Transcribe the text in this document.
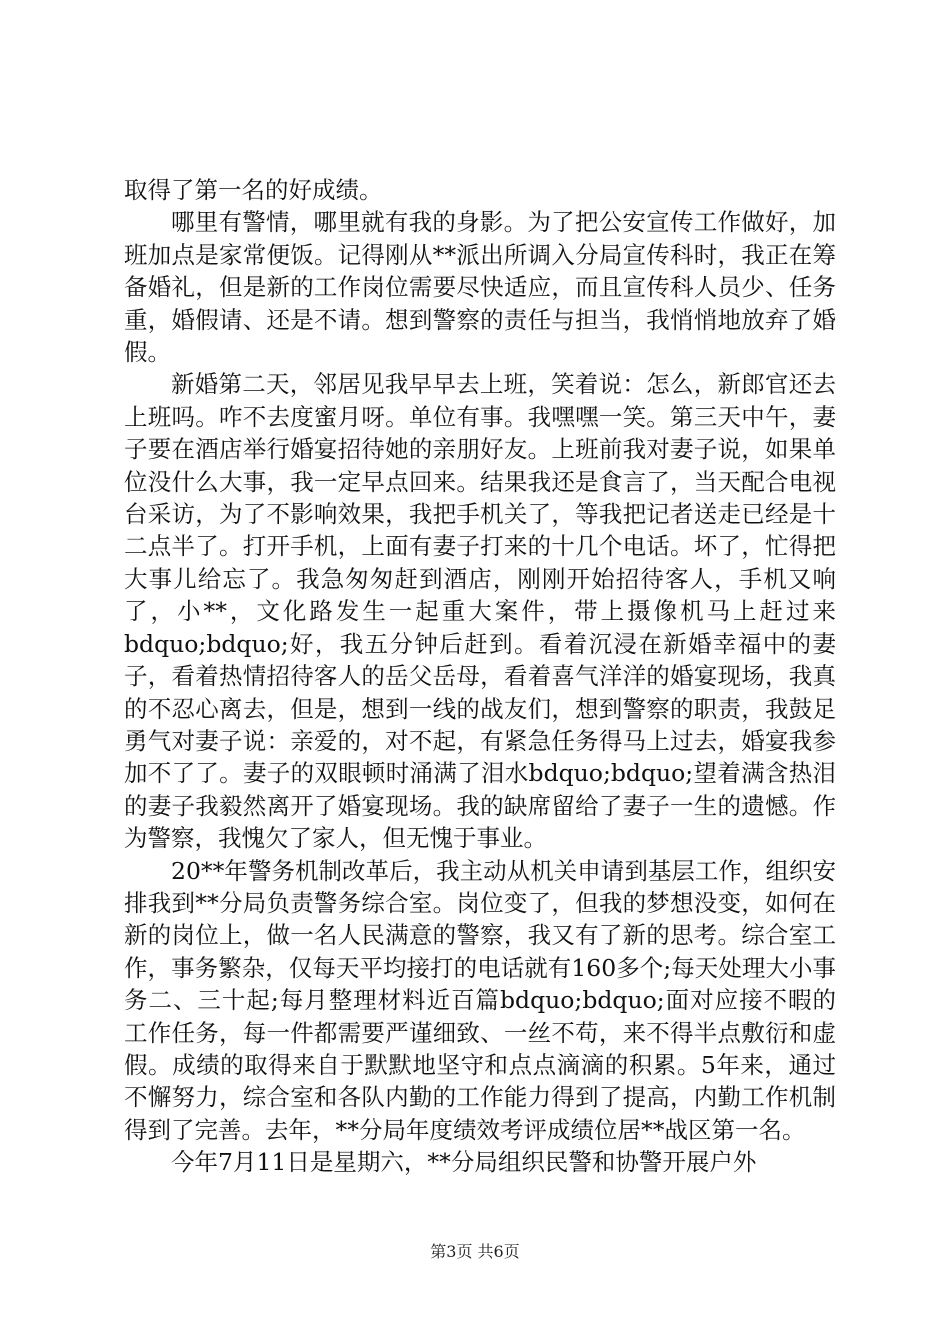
取得了第一名的好成绩。

哪里有警情，哪里就有我的身影。为了把公安宣传工作做好，加班加点是家常便饭。记得刚从**派出所调入分局宣传科时，我正在筹备婚礼，但是新的工作岗位需要尽快适应，而且宣传科人员少、任务重，婚假请、还是不请。想到警察的责任与担当，我悄悄地放弃了婚假。

新婚第二天，邻居见我早早去上班，笑着说：怎么，新郎官还去上班吗。咋不去度蜜月呀。单位有事。我嘿嘿一笑。第三天中午，妻子要在酒店举行婚宴招待她的亲朋好友。上班前我对妻子说，如果单位没什么大事，我一定早点回来。结果我还是食言了，当天配合电视台采访，为了不影响效果，我把手机关了，等我把记者送走已经是十二点半了。打开手机，上面有妻子打来的十几个电话。坏了，忙得把大事儿给忘了。我急匆匆赶到酒店，刚刚开始招待客人，手机又响了，小**，文化路发生一起重大案件，带上摄像机马上赶过来bdquo;bdquo;好，我五分钟后赶到。看着沉浸在新婚幸福中的妻子，看着热情招待客人的岳父岳母，看着喜气洋洋的婚宴现场，我真的不忍心离去，但是，想到一线的战友们，想到警察的职责，我鼓足勇气对妻子说：亲爱的，对不起，有紧急任务得马上过去，婚宴我参加不了了。妻子的双眼顿时涌满了泪水bdquo;bdquo;望着满含热泪的妻子我毅然离开了婚宴现场。我的缺席留给了妻子一生的遗憾。作为警察，我愧欠了家人，但无愧于事业。

20**年警务机制改革后，我主动从机关申请到基层工作，组织安排我到**分局负责警务综合室。岗位变了，但我的梦想没变，如何在新的岗位上，做一名人民满意的警察，我又有了新的思考。综合室工作，事务繁杂，仅每天平均接打的电话就有160多个;每天处理大小事务二、三十起;每月整理材料近百篇bdquo;bdquo;面对应接不暇的工作任务，每一件都需要严谨细致、一丝不苟，来不得半点敷衍和虚假。成绩的取得来自于默默地坚守和点点滴滴的积累。5年来，通过不懈努力，综合室和各队内勤的工作能力得到了提高，内勤工作机制得到了完善。去年，**分局年度绩效考评成绩位居**战区第一名。

今年7月11日是星期六，**分局组织民警和协警开展户外

第3页 共6页
